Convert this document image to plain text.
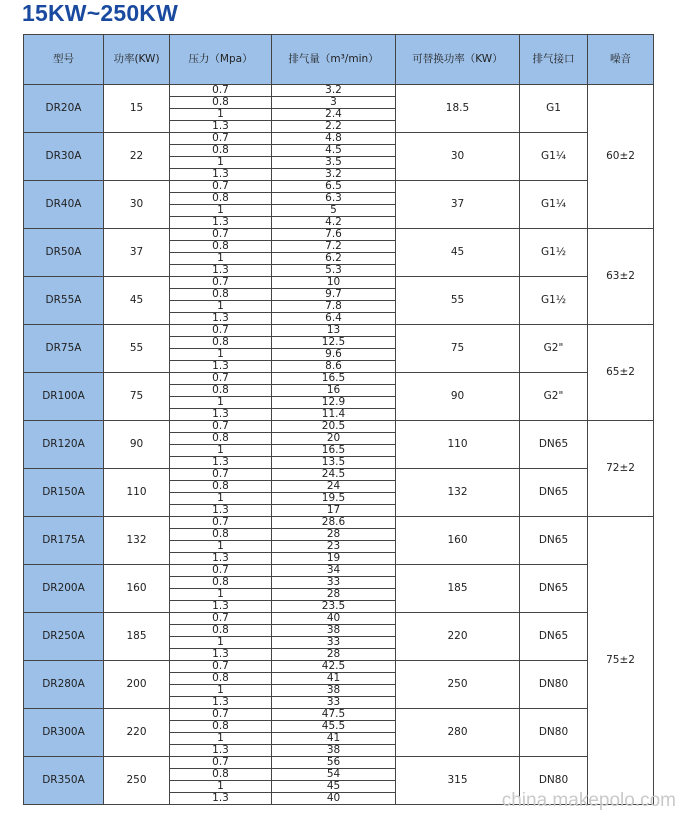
15KW~250KW
型号	功率(KW)	压力（Mpa）	排气量（m³/min）	可替换功率（KW）	排气接口	噪音
DR20A	15	0.7	3.2	18.5	G1	60±2
		0.8	3			
		1	2.4			
		1.3	2.2			
DR30A	22	0.7	4.8	30	G1¼	
		0.8	4.5			
		1	3.5			
		1.3	3.2			
DR40A	30	0.7	6.5	37	G1¼	
		0.8	6.3			
		1	5			
		1.3	4.2			
DR50A	37	0.7	7.6	45	G1½	63±2
		0.8	7.2			
		1	6.2			
		1.3	5.3			
DR55A	45	0.7	10	55	G1½	
		0.8	9.7			
		1	7.8			
		1.3	6.4			
DR75A	55	0.7	13	75	G2"	65±2
		0.8	12.5			
		1	9.6			
		1.3	8.6			
DR100A	75	0.7	16.5	90	G2"	
		0.8	16			
		1	12.9			
		1.3	11.4			
DR120A	90	0.7	20.5	110	DN65	72±2
		0.8	20			
		1	16.5			
		1.3	13.5			
DR150A	110	0.7	24.5	132	DN65	
		0.8	24			
		1	19.5			
		1.3	17			
DR175A	132	0.7	28.6	160	DN65	75±2
		0.8	28			
		1	23			
		1.3	19			
DR200A	160	0.7	34	185	DN65	
		0.8	33			
		1	28			
		1.3	23.5			
DR250A	185	0.7	40	220	DN65	
		0.8	38			
		1	33			
		1.3	28			
DR280A	200	0.7	42.5	250	DN80	
		0.8	41			
		1	38			
		1.3	33			
DR300A	220	0.7	47.5	280	DN80	
		0.8	45.5			
		1	41			
		1.3	38			
DR350A	250	0.7	56	315	DN80	
		0.8	54			
		1	45			
		1.3	40				china.makepolo.com
